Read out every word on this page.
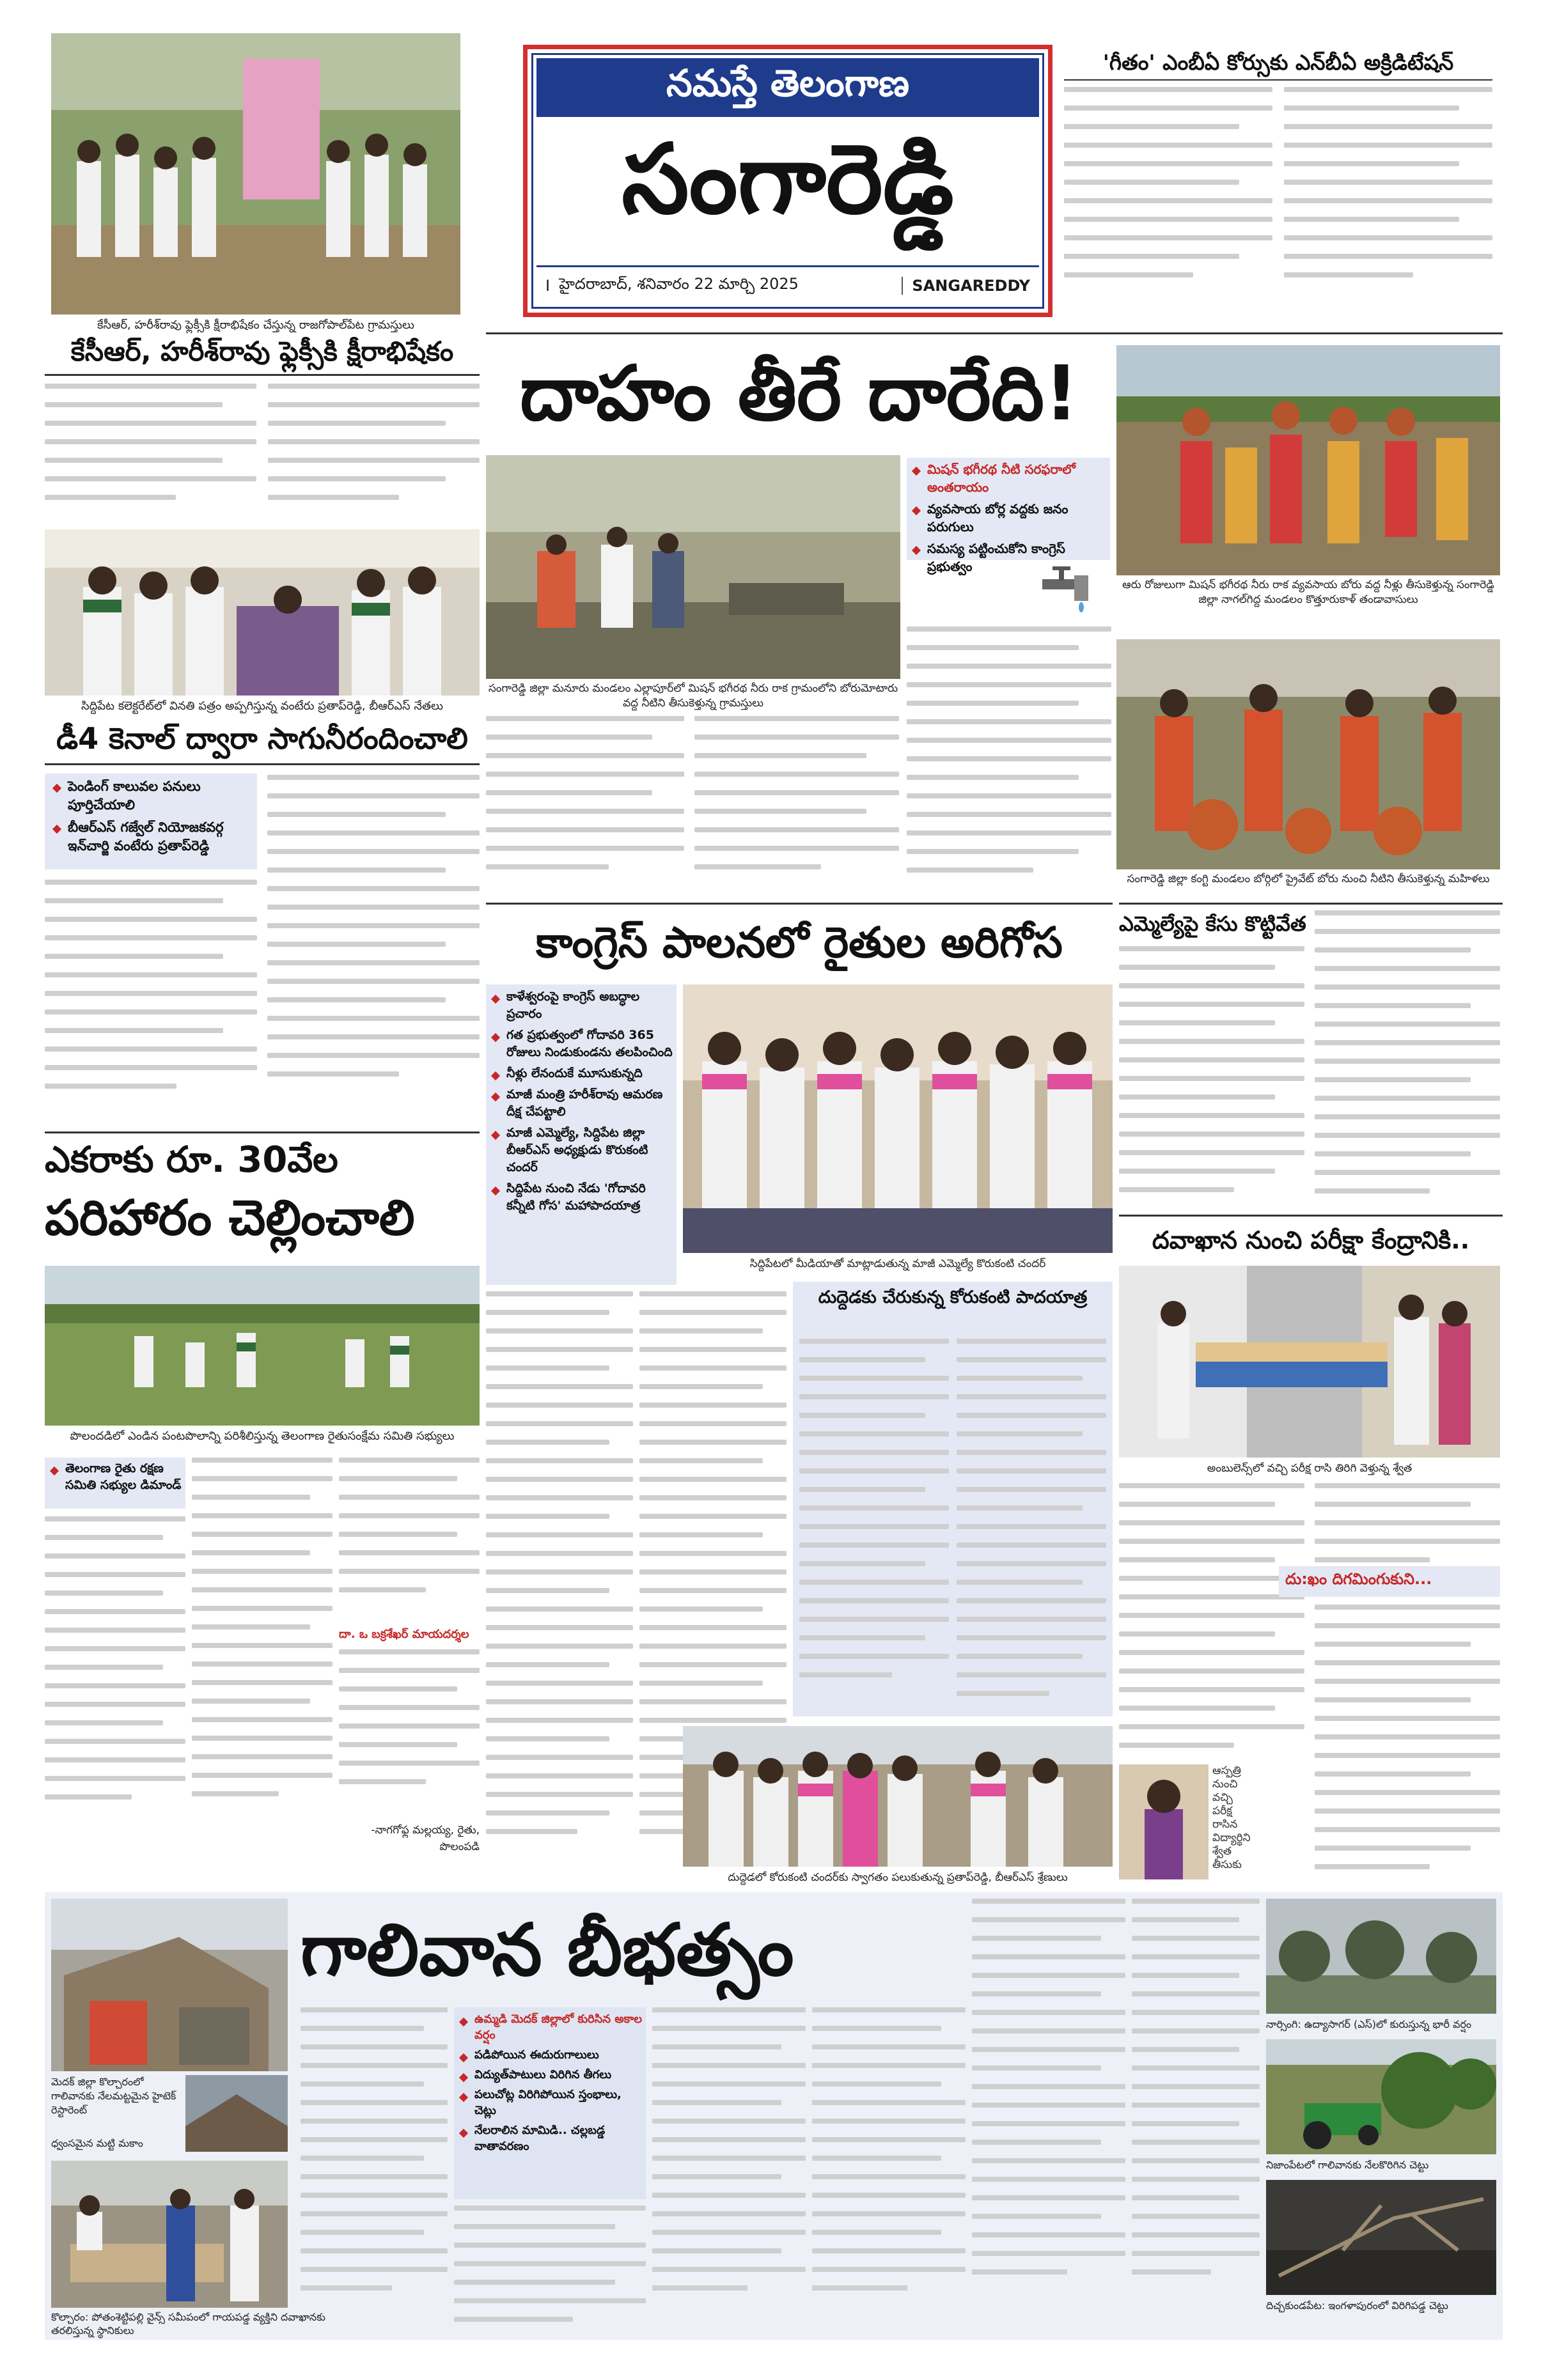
కేసీఆర్‌, హరీశ్‌రావు ఫ్లెక్సీకి క్షీరాభిషేకం చేస్తున్న రాజగోపాల్‌పేట గ్రామస్తులు
కేసీఆర్‌, హరీశ్‌రావు ఫ్లెక్సీకి క్షీరాభిషేకం
నమస్తే తెలంగాణ
సంగారెడ్డి
I హైదరాబాద్‌, శనివారం 22 మార్చి 2025	SANGAREDDY
'గీతం' ఎంబీఏ కోర్సుకు ఎన్‌బీఏ అక్రిడిటేషన్‌
సిద్దిపేట కలెక్టరేట్‌లో వినతి పత్రం అప్పగిస్తున్న వంటేరు ప్రతాప్‌రెడ్డి, బీఆర్‌ఎస్‌ నేతలు
డీ4 కెనాల్‌ ద్వారా సాగునీరందించాలి
పెండింగ్‌ కాలువల పనులు పూర్తిచేయాలి
బీఆర్‌ఎస్‌ గజ్వేల్‌ నియోజకవర్గ ఇన్‌చార్జి వంటేరు ప్రతాప్‌రెడ్డి
ఎకరాకు రూ. 30వేల
పరిహారం చెల్లించాలి
పొలందడిలో ఎండిన పంటపొలాన్ని పరిశీలిస్తున్న తెలంగాణ రైతుసంక్షేమ సమితి సభ్యులు
తెలంగాణ రైతు రక్షణ సమితి సభ్యుల డిమాండ్‌
దా. ఒ బక్రశేఖర్‌ మాయదర్శల
-నాగగోఫ్ల మల్లయ్య, రైతు, పొలంపడి
దాహం తీరే దారేది!
మిషన్‌ భగీరథ నీటి సరఫరాలో అంతరాయం
వ్యవసాయ బోర్ల వద్దకు జనం పరుగులు
సమస్య పట్టించుకోని కాంగ్రెస్‌ ప్రభుత్వం
సంగారెడ్డి జిల్లా మనూరు మండలం ఎల్లాపూర్‌లో మిషన్‌ భగీరథ నీరు రాక గ్రామంలోని బోరుమోటారు వద్ద నీటిని తీసుకెళ్తున్న గ్రామస్తులు
ఆరు రోజులుగా మిషన్‌ భగీరథ నీరు రాక వ్యవసాయ బోరు వద్ద నీళ్లు తీసుకెళ్తున్న సంగారెడ్డి జిల్లా నాగల్‌గిద్ద మండలం కొత్తూరుకాళ్‌ తండావాసులు
సంగారెడ్డి జిల్లా కంగ్టి మండలం బోర్గిలో ప్రైవేట్‌ బోరు నుంచి నీటిని తీసుకెళ్తున్న మహిళలు
కాంగ్రెస్‌ పాలనలో రైతుల అరిగోస
కాళేశ్వరంపై కాంగ్రెస్‌ అబద్ధాల ప్రచారం
గత ప్రభుత్వంలో గోదావరి 365 రోజులు నిండుకుండను తలపించింది
నీళ్లు లేనందుకే మూసుకున్నది
మాజీ మంత్రి హరీశ్‌రావు ఆమరణ దీక్ష చేపట్టాలి
మాజీ ఎమ్మెల్యే, సిద్దిపేట జిల్లా బీఆర్‌ఎస్‌ అధ్యక్షుడు కొరుకంటి చందర్‌
సిద్దిపేట నుంచి నేడు 'గోదావరి కన్నీటి గోస' మహాపాదయాత్ర
సిద్దిపేటలో మీడియాతో మాట్లాడుతున్న మాజీ ఎమ్మెల్యే కొరుకంటి చందర్‌
దుద్దెడకు చేరుకున్న కోరుకంటి పాదయాత్ర
దుద్దెడలో కోరుకంటి చందర్‌కు స్వాగతం పలుకుతున్న ప్రతాప్‌రెడ్డి, బీఆర్‌ఎస్‌ శ్రేణులు
ఎమ్మెల్యేపై కేసు కొట్టివేత
దవాఖాన నుంచి పరీక్షా కేంద్రానికి..
అంబులెన్స్‌లో వచ్చి పరీక్ష రాసి తిరిగి వెళ్తున్న శ్వేత
దు:ఖం దిగమింగుకుని...
ఆస్పత్రి
నుంచి
వచ్చి
పరీక్ష
రాసిన
విద్యార్థిని
శ్వేత
తీసుకు
మెదక్‌ జిల్లా కొల్చారంలో గాలివానకు నేలమట్టమైన హైటెక్‌ రెస్టారెంట్‌
ధ్వంసమైన మట్టి మకాం
కొల్చారం: పోతంశెట్టిపల్లి వైన్స్‌ సమీపంలో గాయపడ్డ వ్యక్తిని దవాఖానకు తరలిస్తున్న స్థానికులు
గాలివాన బీభత్సం
ఉమ్మడి మెదక్‌ జిల్లాలో కురిసిన అకాల వర్షం
పడిపోయిన ఈదురుగాలులు
విద్యుత్‌పాటులు విరిగిన తీగలు
పలుచోట్ల విరిగిపోయిన స్తంభాలు, చెట్లు
నేలరాలిన మామిడి.. చల్లబడ్డ వాతావరణం
నార్సింగి: ఉద్యాసాగర్‌ (ఎస్‌)లో కురుస్తున్న భారీ వర్షం
నిజాంపేటలో గాలివానకు నేలకొరిగిన చెట్టు
దిచ్చకుండపేట: ఇంగళాపురంలో విరిగిపడ్డ చెట్టు
